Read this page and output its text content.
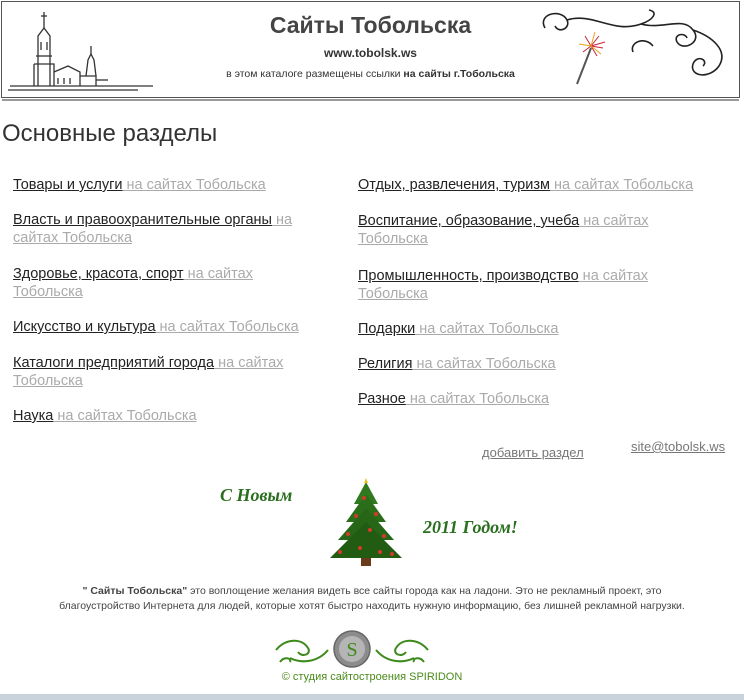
Сайты Тобольска
www.tobolsk.ws
в этом каталоге размещены ссылки на сайты г.Тобольска
Основные разделы

Товары и услуги на сайтах Тобольска

Власть и правоохранительные органы на сайтах Тобольска

Здоровье, красота, спорт на сайтах Тобольска

Искусство и культура на сайтах Тобольска

Каталоги предприятий города на сайтах Тобольска

Наука на сайтах Тобольска

Отдых, развлечения, туризм на сайтах Тобольска

Воспитание, образование, учеба на сайтах Тобольска

Промышленность, производство на сайтах Тобольска

Подарки на сайтах Тобольска

Религия на сайтах Тобольска

Разное на сайтах Тобольска

site@tobolsk.ws
добавить раздел
С Новым
2011 Годом!
" Сайты Тобольска" это воплощение желания видеть все сайты города как на ладони. Это не рекламный проект, это
благоустройство Интернета для людей, которые хотят быстро находить нужную информацию, без лишней рекламной нагрузки.
S
© студия сайтостроения SPIRIDON
